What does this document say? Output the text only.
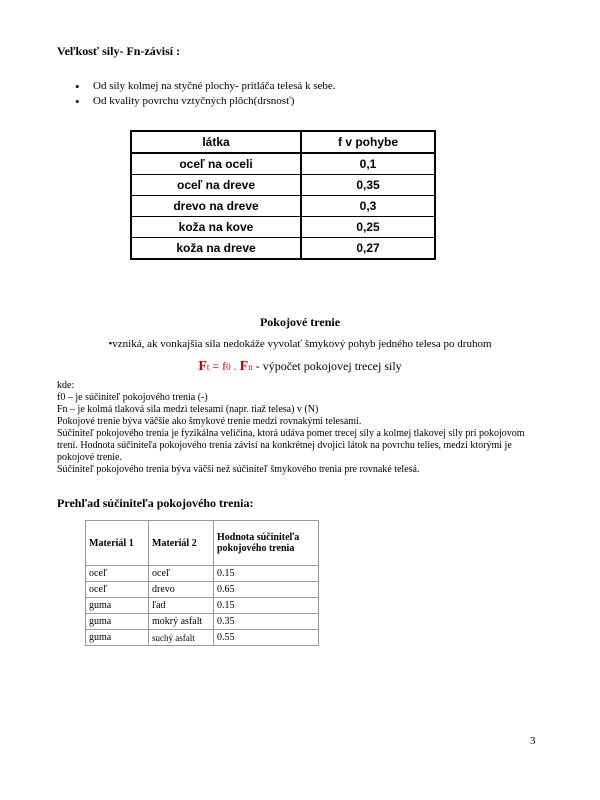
Veľkosť sily- Fn-závisí :
• Od sily kolmej na styčné plochy- pritláča telesá k sebe.
• Od kvality povrchu vztyčných plôch(drsnosť)
látka	f v pohybe
oceľ na oceli	0,1
oceľ na dreve	0,35
drevo na dreve	0,3
koža na kove	0,25
koža na dreve	0,27
Pokojové trenie
•vzniká, ak vonkajšia sila nedokáže vyvolať šmykový pohyb jedného telesa po druhom
Ft = f0 . Fn - výpočet pokojovej trecej sily
kde:
f0 – je súčiniteľ pokojového trenia (-)
Fn – je kolmá tlaková sila medzi telesami (napr. tiaž telesa) v (N)
Pokojové trenie býva väčšie ako šmykové trenie medzi rovnakými telesami.
Súčiniteľ pokojového trenia je fyzikálna veličina, ktorá udáva pomer trecej sily a kolmej tlakovej sily pri pokojovom trení. Hodnota súčiniteľa pokojového trenia závisí na konkrétnej dvojici látok na povrchu telies, medzi ktorými je pokojové trenie.
Súčiniteľ pokojového trenia býva väčší než súčiniteľ šmykového trenia pre rovnaké telesá.
Prehľad súčiniteľa pokojového trenia:
Materiál 1	Materiál 2	Hodnota súčiniteľa pokojového trenia
oceľ	oceľ	0.15
oceľ	drevo	0.65
guma	ľad	0.15
guma	mokrý asfalt	0.35
guma	suchý asfalt	0.55
3
